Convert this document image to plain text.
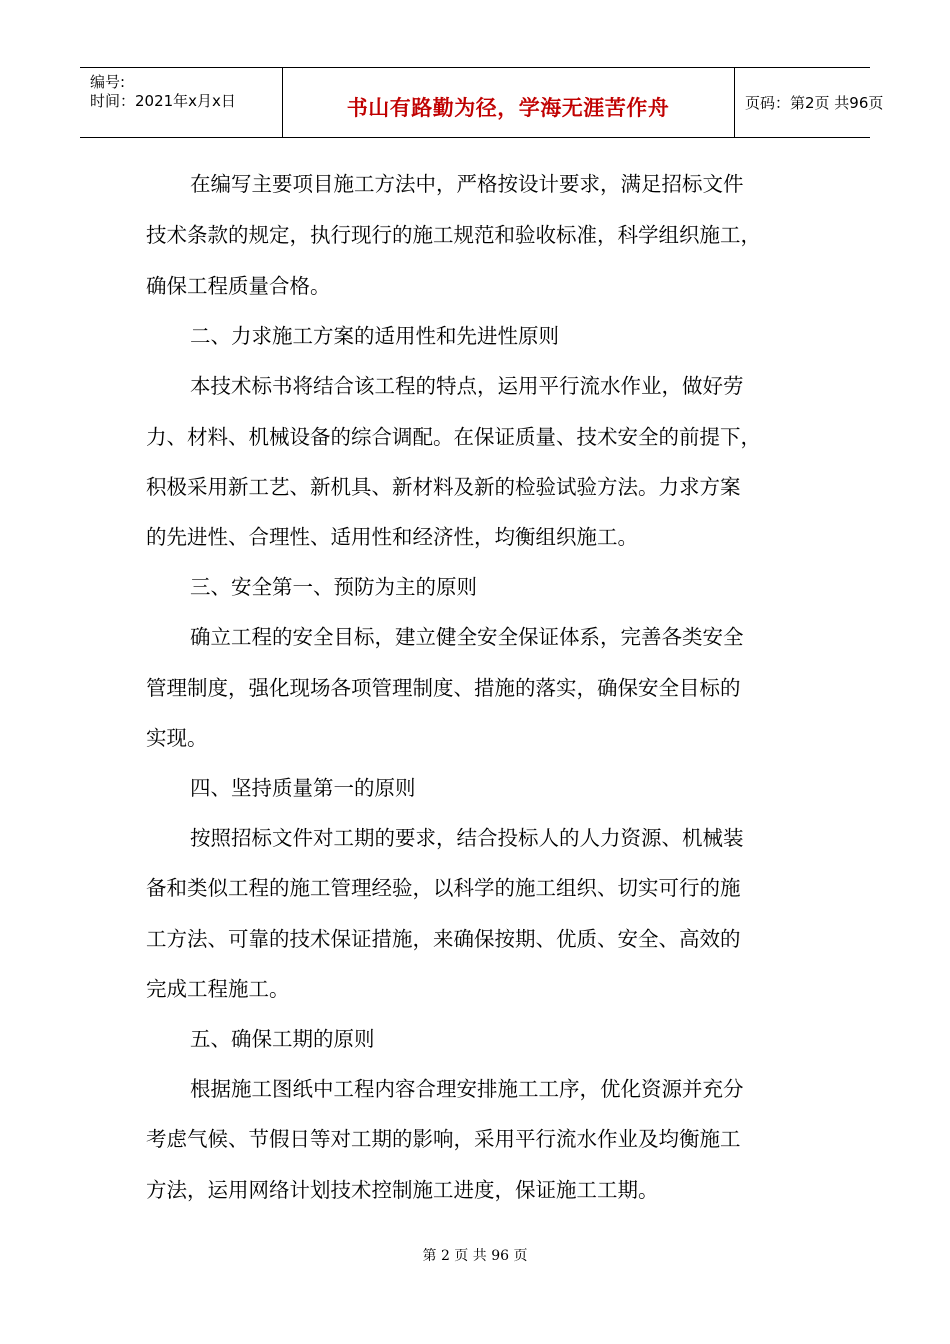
编号:
时间：2021年x月x日	书山有路勤为径，学海无涯苦作舟	页码：第2页 共96页
在编写主要项目施工方法中，严格按设计要求，满足招标文件
技术条款的规定，执行现行的施工规范和验收标准，科学组织施工，
确保工程质量合格。
二、力求施工方案的适用性和先进性原则
本技术标书将结合该工程的特点，运用平行流水作业，做好劳
力、材料、机械设备的综合调配。在保证质量、技术安全的前提下，
积极采用新工艺、新机具、新材料及新的检验试验方法。力求方案
的先进性、合理性、适用性和经济性，均衡组织施工。
三、安全第一、预防为主的原则
确立工程的安全目标，建立健全安全保证体系，完善各类安全
管理制度，强化现场各项管理制度、措施的落实，确保安全目标的
实现。
四、坚持质量第一的原则
按照招标文件对工期的要求，结合投标人的人力资源、机械装
备和类似工程的施工管理经验，以科学的施工组织、切实可行的施
工方法、可靠的技术保证措施，来确保按期、优质、安全、高效的
完成工程施工。
五、确保工期的原则
根据施工图纸中工程内容合理安排施工工序，优化资源并充分
考虑气候、节假日等对工期的影响，采用平行流水作业及均衡施工
方法，运用网络计划技术控制施工进度，保证施工工期。
第 2 页 共 96 页
